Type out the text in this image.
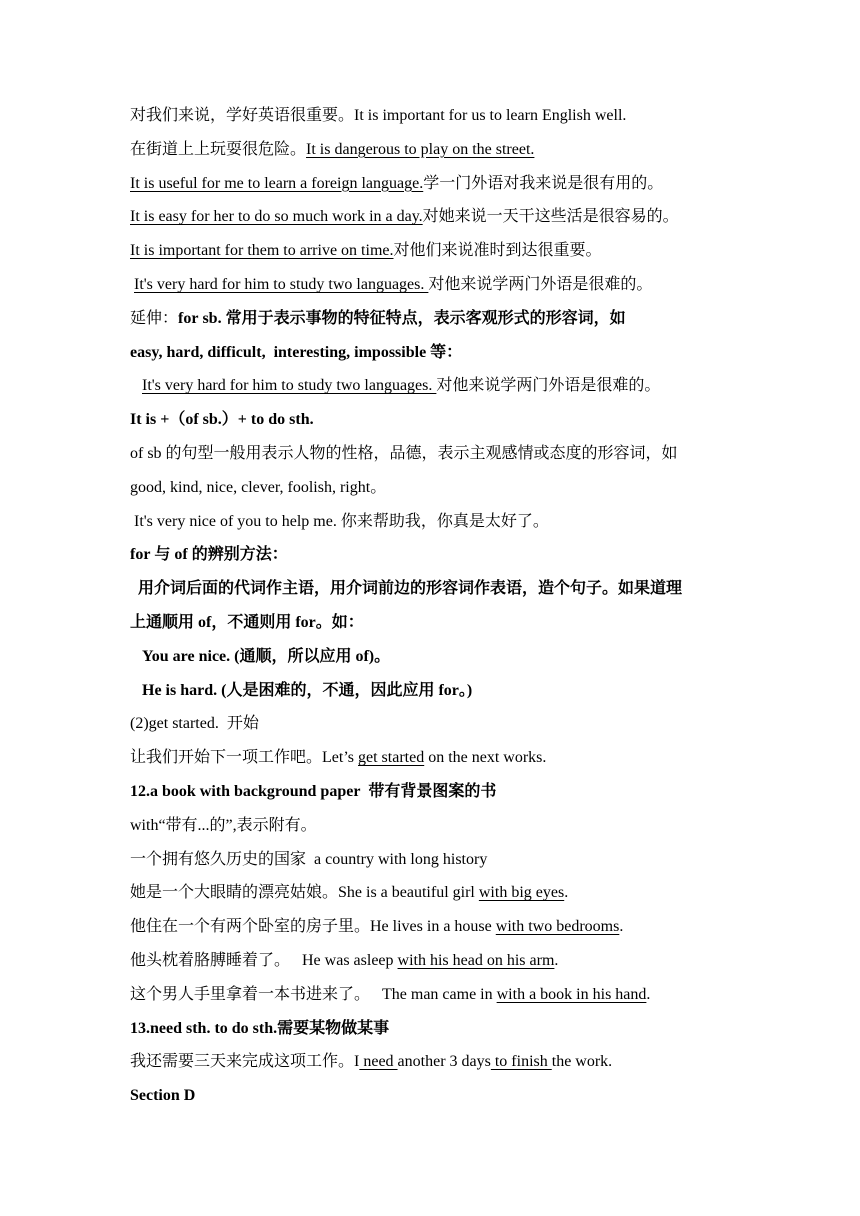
对我们来说，学好英语很重要。It is important for us to learn English well.
在街道上上玩耍很危险。It is dangerous to play on the street.
It is useful for me to learn a foreign language.学一门外语对我来说是很有用的。
It is easy for her to do so much work in a day.对她来说一天干这些活是很容易的。
It is important for them to arrive on time.对他们来说准时到达很重要。
It's very hard for him to study two languages. 对他来说学两门外语是很难的。
延伸：for sb. 常用于表示事物的特征特点，表示客观形式的形容词，如
easy, hard, difficult,  interesting, impossible 等：
It's very hard for him to study two languages. 对他来说学两门外语是很难的。
It is +（of sb.）+ to do sth.
of sb 的句型一般用表示人物的性格，品德，表示主观感情或态度的形容词，如
good, kind, nice, clever, foolish, right。
It's very nice of you to help me. 你来帮助我，你真是太好了。
for 与 of 的辨别方法：
用介词后面的代词作主语，用介词前边的形容词作表语，造个句子。如果道理
上通顺用 of，不通则用 for。如：
You are nice. (通顺，所以应用 of)。
He is hard. (人是困难的，不通，因此应用 for。)
(2)get started.  开始
让我们开始下一项工作吧。Let’s get started on the next works.
12.a book with background paper  带有背景图案的书
with“带有...的”,表示附有。
一个拥有悠久历史的国家  a country with long history
她是一个大眼睛的漂亮姑娘。She is a beautiful girl with big eyes.
他住在一个有两个卧室的房子里。He lives in a house with two bedrooms.
他头枕着胳膊睡着了。   He was asleep with his head on his arm.
这个男人手里拿着一本书进来了。   The man came in with a book in his hand.
13.need sth. to do sth.需要某物做某事
我还需要三天来完成这项工作。I need another 3 days to finish the work.
Section D
